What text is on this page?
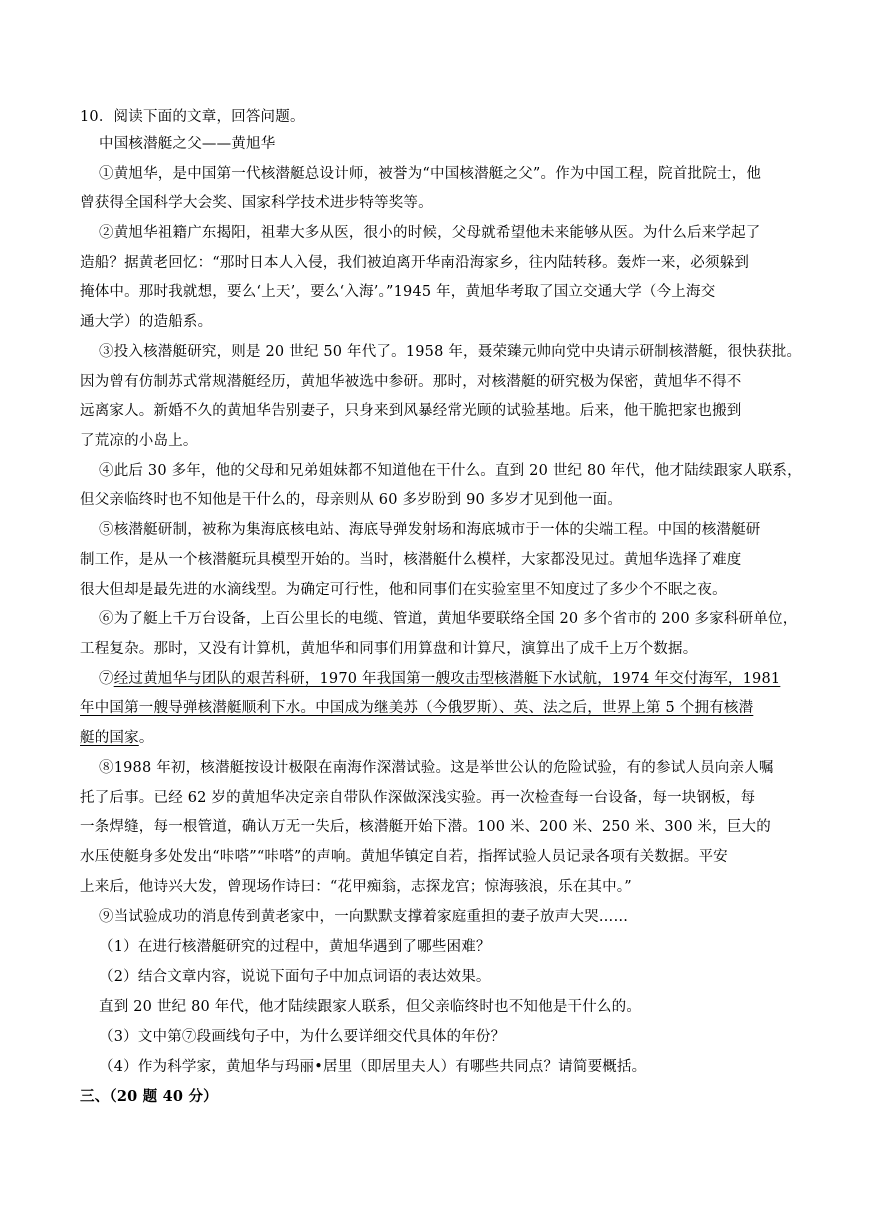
10．阅读下面的文章，回答问题。
中国核潜艇之父——黄旭华
①黄旭华，是中国第一代核潜艇总设计师，被誉为“中国核潜艇之父”。作为中国工程，院首批院士，他
曾获得全国科学大会奖、国家科学技术进步特等奖等。
②黄旭华祖籍广东揭阳，祖辈大多从医，很小的时候，父母就希望他未来能够从医。为什么后来学起了
造船？据黄老回忆：“那时日本人入侵，我们被迫离开华南沿海家乡，往内陆转移。轰炸一来，必须躲到
掩体中。那时我就想，要么‘上天’，要么‘入海’。”1945 年，黄旭华考取了国立交通大学（今上海交
通大学）的造船系。
③投入核潜艇研究，则是 20 世纪 50 年代了。1958 年，聂荣臻元帅向党中央请示研制核潜艇，很快获批。
因为曾有仿制苏式常规潜艇经历，黄旭华被选中参研。那时，对核潜艇的研究极为保密，黄旭华不得不
远离家人。新婚不久的黄旭华告别妻子，只身来到风暴经常光顾的试验基地。后来，他干脆把家也搬到
了荒凉的小岛上。
④此后 30 多年，他的父母和兄弟姐妹都不知道他在干什么。直到 20 世纪 80 年代，他才陆续跟家人联系，
但父亲临终时也不知他是干什么的，母亲则从 60 多岁盼到 90 多岁才见到他一面。
⑤核潜艇研制，被称为集海底核电站、海底导弹发射场和海底城市于一体的尖端工程。中国的核潜艇研
制工作，是从一个核潜艇玩具模型开始的。当时，核潜艇什么模样，大家都没见过。黄旭华选择了难度
很大但却是最先进的水滴线型。为确定可行性，他和同事们在实验室里不知度过了多少个不眠之夜。
⑥为了艇上千万台设备，上百公里长的电缆、管道，黄旭华要联络全国 20 多个省市的 200 多家科研单位，
工程复杂。那时，又没有计算机，黄旭华和同事们用算盘和计算尺，演算出了成千上万个数据。
⑦经过黄旭华与团队的艰苦科研，1970 年我国第一艘攻击型核潜艇下水试航，1974 年交付海军，1981
年中国第一艘导弹核潜艇顺利下水。中国成为继美苏（今俄罗斯）、英、法之后，世界上第 5 个拥有核潜
艇的国家。
⑧1988 年初，核潜艇按设计极限在南海作深潜试验。这是举世公认的危险试验，有的参试人员向亲人嘱
托了后事。已经 62 岁的黄旭华决定亲自带队作深做深浅实验。再一次检查每一台设备，每一块钢板，每
一条焊缝，每一根管道，确认万无一失后，核潜艇开始下潜。100 米、200 米、250 米、300 米，巨大的
水压使艇身多处发出“咔嗒”“咔嗒”的声响。黄旭华镇定自若，指挥试验人员记录各项有关数据。平安
上来后，他诗兴大发，曾现场作诗曰：“花甲痴翁，志探龙宫；惊海骇浪，乐在其中。”
⑨当试验成功的消息传到黄老家中，一向默默支撑着家庭重担的妻子放声大哭……
（1）在进行核潜艇研究的过程中，黄旭华遇到了哪些困难？
（2）结合文章内容，说说下面句子中加点词语的表达效果。
直到 20 世纪 80 年代，他才陆续跟家人联系，但父亲临终时也不知他是干什么的。
（3）文中第⑦段画线句子中，为什么要详细交代具体的年份？
（4）作为科学家，黄旭华与玛丽•居里（即居里夫人）有哪些共同点？请简要概括。
三、（20 题 40 分）
